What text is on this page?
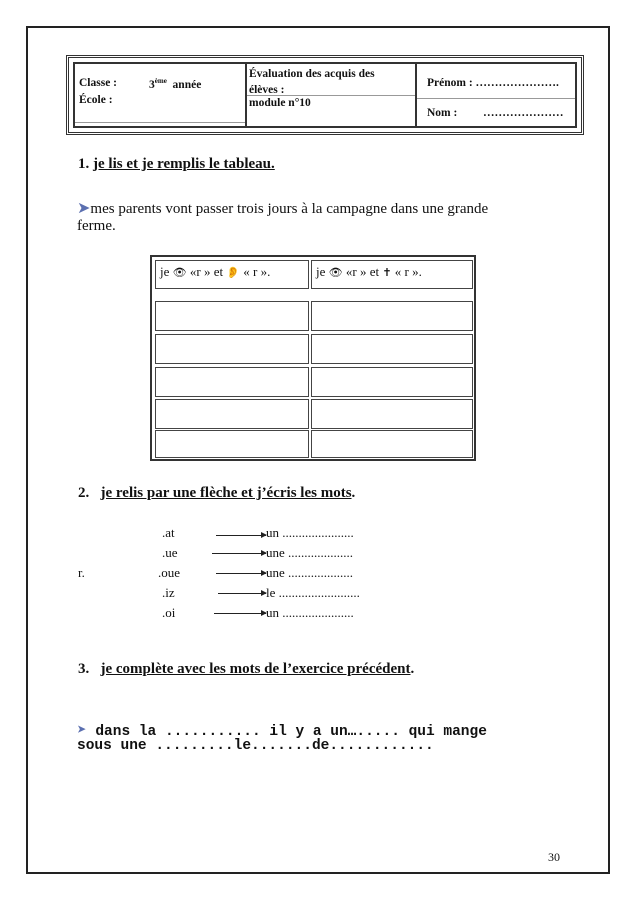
Classe :	3ème année
École :
Évaluation des acquis des
élèves :
module n°10
Prénom : ………………….
Nom : …………………
1. je lis et je remplis le tableau.
➤mes parents vont passer trois jours à la campagne dans une grande
ferme.
je 👁 «r » et 👂 « r ».	je 👁 «r » et ✝ « r ».
2. je relis par une flèche et j’écris les mots.
r.
.at
.ue
.oue
.iz
.oi
un ......................
une ....................
une ....................
le .........................
un ......................
3. je complète avec les mots de l’exercice précédent.
➤ dans la ........... il y a un…..... qui mange
sous une .........le.......de............
30
